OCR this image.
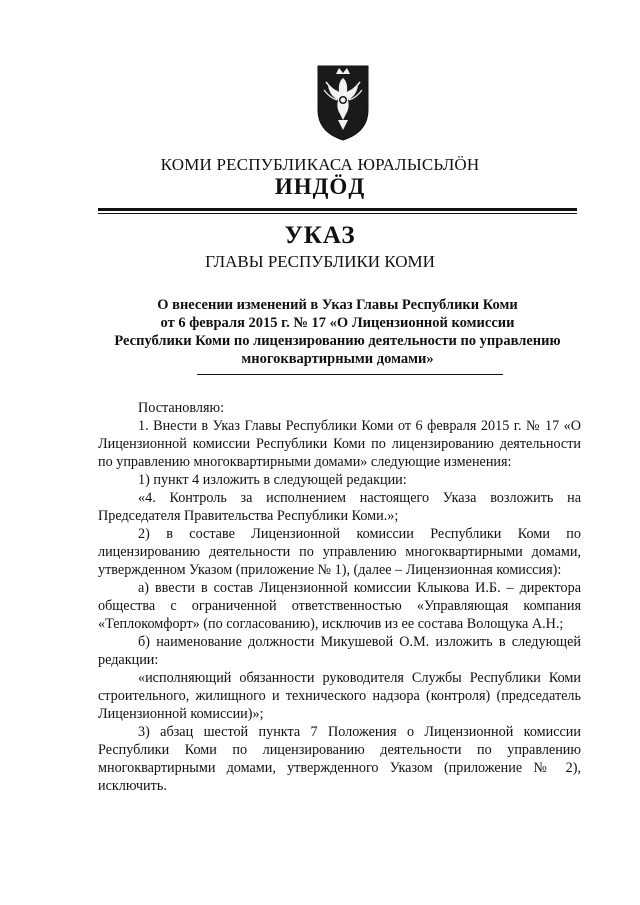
КОМИ РЕСПУБЛИКАСА ЮРАЛЫСЬЛӦН
ИНДӦД
УКАЗ
ГЛАВЫ РЕСПУБЛИКИ КОМИ
О внесении изменений в Указ Главы Республики Коми
от 6 февраля 2015 г. № 17 «О Лицензионной комиссии
Республики Коми по лицензированию деятельности по управлению
многоквартирными домами»

Постановляю:

1. Внести в Указ Главы Республики Коми от 6 февраля 2015 г. № 17 «О Лицензионной комиссии Республики Коми по лицензированию деятельности по управлению многоквартирными домами» следующие изменения:

1) пункт 4 изложить в следующей редакции:

«4. Контроль за исполнением настоящего Указа возложить на Председателя Правительства Республики Коми.»;

2) в составе Лицензионной комиссии Республики Коми по лицензированию деятельности по управлению многоквартирными домами, утвержденном Указом (приложение № 1), (далее – Лицензионная комиссия):

а) ввести в состав Лицензионной комиссии Клыкова И.Б. – директора общества с ограниченной ответственностью «Управляющая компания «Теплокомфорт» (по согласованию), исключив из ее состава Волощука А.Н.;

б) наименование должности Микушевой О.М. изложить в следующей редакции:

«исполняющий обязанности руководителя Службы Республики Коми строительного, жилищного и технического надзора (контроля) (председатель Лицензионной комиссии)»;

3) абзац шестой пункта 7 Положения о Лицензионной комиссии Республики Коми по лицензированию деятельности по управлению многоквартирными домами, утвержденного Указом (приложение № 2), исключить.
